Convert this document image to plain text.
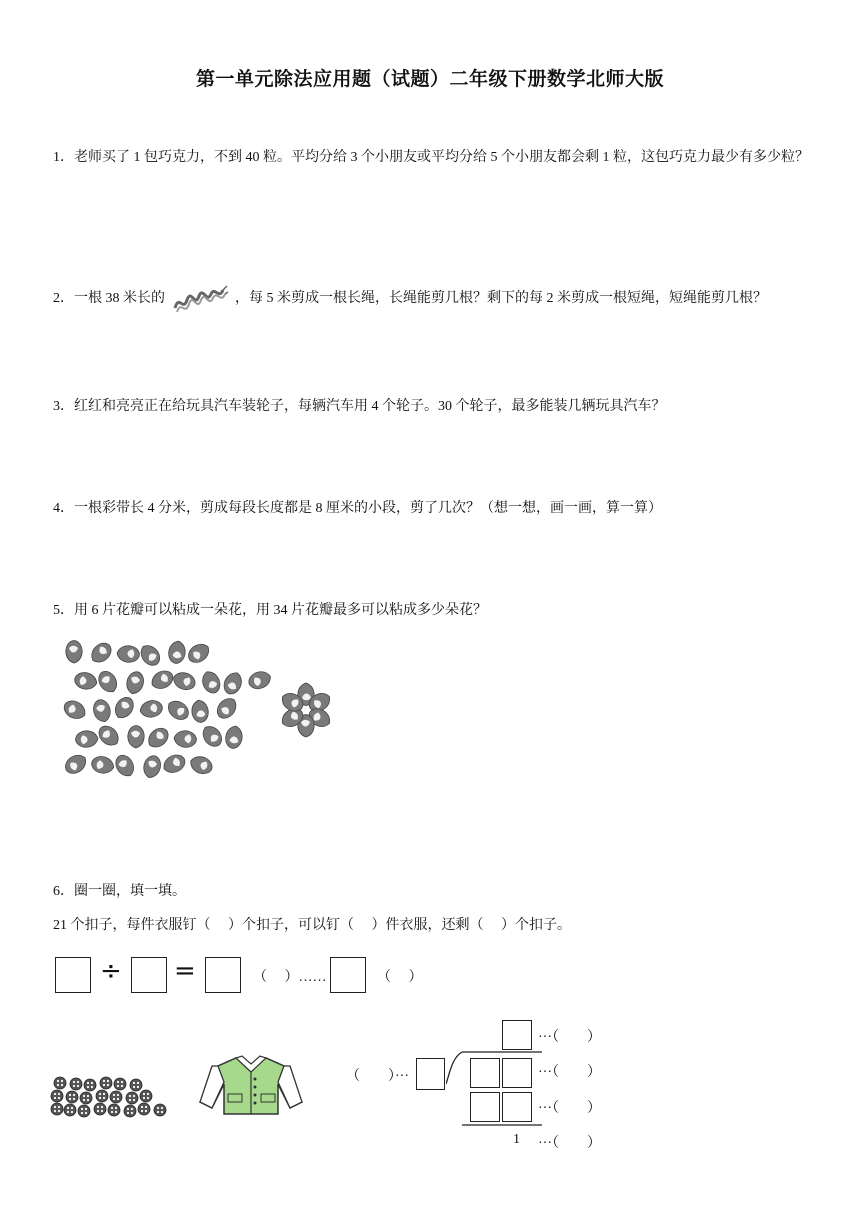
第一单元除法应用题（试题）二年级下册数学北师大版
1．老师买了 1 包巧克力，不到 40 粒。平均分给 3 个小朋友或平均分给 5 个小朋友都会剩 1 粒，这包巧克力最少有多少粒？
2．一根 38 米长的	，每 5 米剪成一根长绳，长绳能剪几根？剩下的每 2 米剪成一根短绳，短绳能剪几根？
3．红红和亮亮正在给玩具汽车装轮子，每辆汽车用 4 个轮子。30 个轮子，最多能装几辆玩具汽车？
4．一根彩带长 4 分米，剪成每段长度都是 8 厘米的小段，剪了几次？（想一想，画一画，算一算）
5．用 6 片花瓣可以粘成一朵花，用 34 片花瓣最多可以粘成多少朵花？
6．圈一圈，填一填。
21 个扣子，每件衣服钉（　 ）个扣子，可以钉（　 ）件衣服，还剩（　 ）个扣子。
÷ =	（　 ）……	（　 ）
（　　）···
1
···（　　）
···（　　）
···（　　）
···（　　）
